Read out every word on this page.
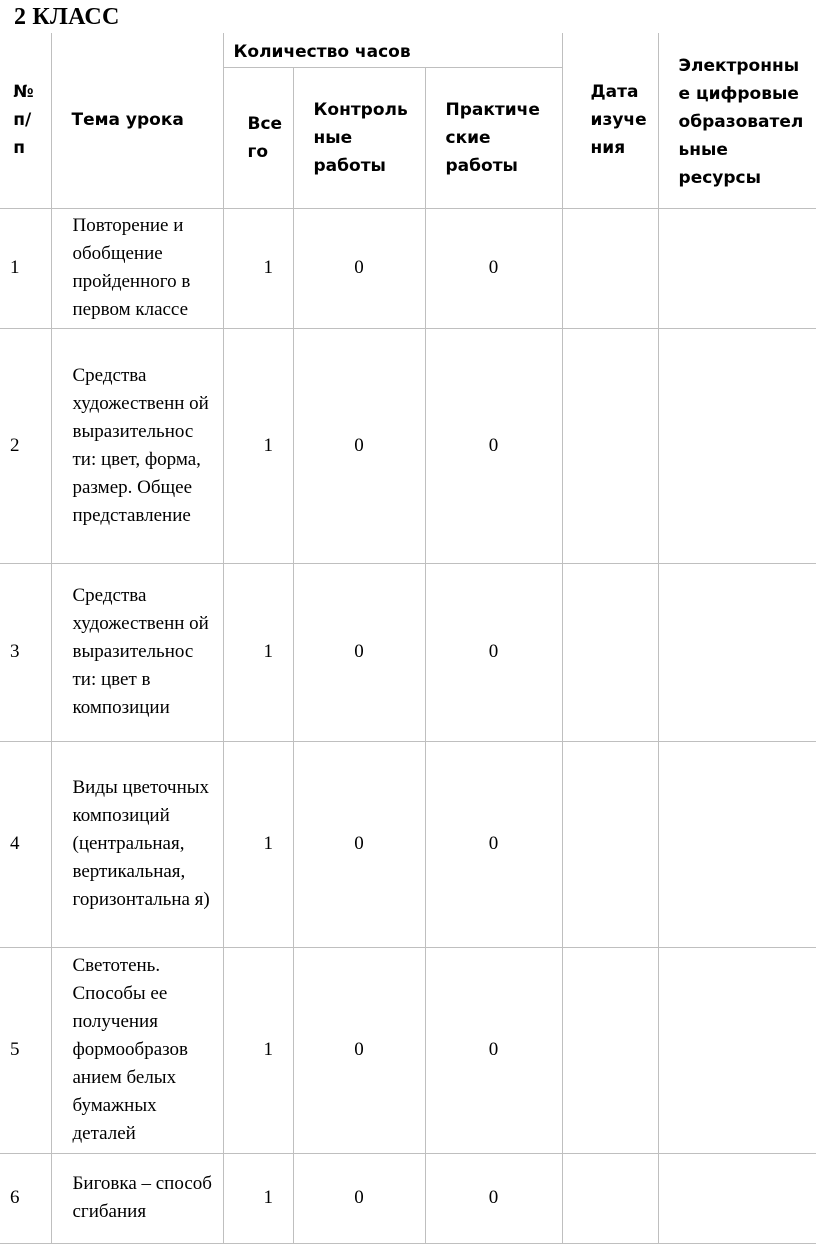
2 КЛАСС
№ п/ п	Тема урока	Количество часов			Дата изуче ния	Электронны е цифровые образовател ьные ресурсы

		Все го	Контроль ные работы	Практиче ские работы		

1	Повторение и обобщение пройденного в первом классе	1	0	0		
2	Средства художественн ой выразительнос ти: цвет, форма, размер. Общее представление	1	0	0		
3	Средства художественн ой выразительнос ти: цвет в композиции	1	0	0		
4	Виды цветочных композиций (центральная, вертикальная, горизонтальна я)	1	0	0		
5	Светотень. Способы ее получения формообразов анием белых бумажных деталей	1	0	0		
6	Биговка – способ сгибания	1	0	0		
